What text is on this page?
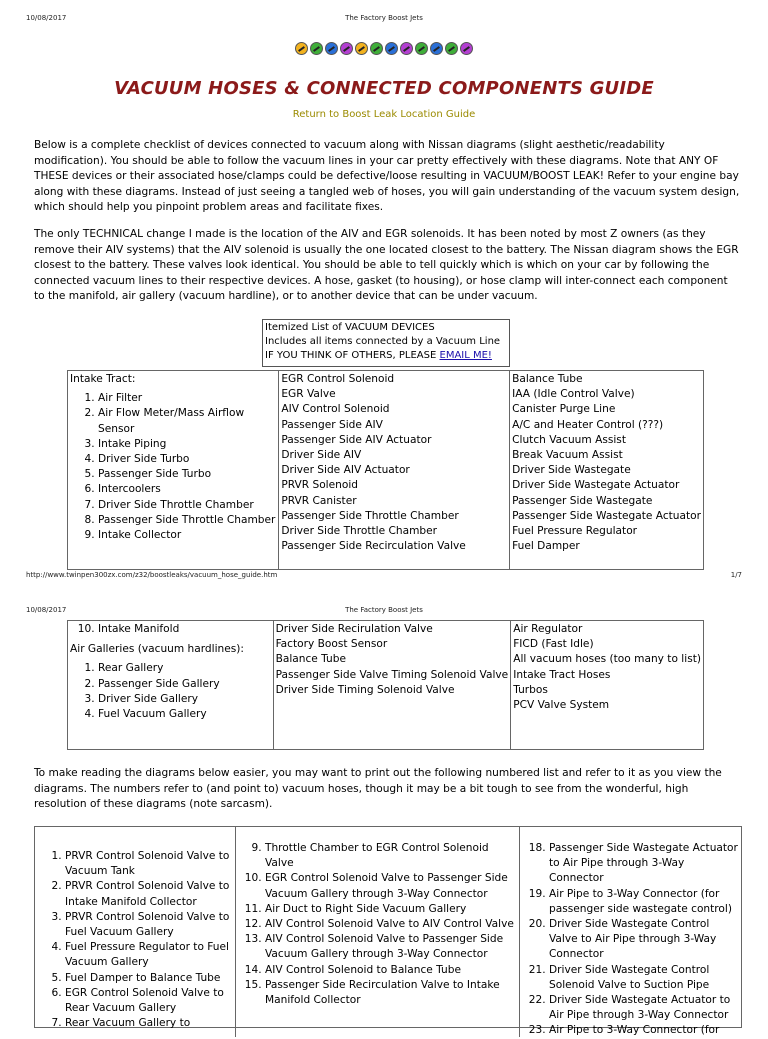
10/08/2017	The Factory Boost Jets
VACUUM HOSES & CONNECTED COMPONENTS GUIDE
Return to Boost Leak Location Guide
Below is a complete checklist of devices connected to vacuum along with Nissan diagrams (slight aesthetic/readability modification). You should be able to follow the vacuum lines in your car pretty effectively with these diagrams. Note that ANY OF THESE devices or their associated hose/clamps could be defective/loose resulting in VACUUM/BOOST LEAK! Refer to your engine bay along with these diagrams. Instead of just seeing a tangled web of hoses, you will gain understanding of the vacuum system design, which should help you pinpoint problem areas and facilitate fixes.
The only TECHNICAL change I made is the location of the AIV and EGR solenoids. It has been noted by most Z owners (as they remove their AIV systems) that the AIV solenoid is usually the one located closest to the battery. The Nissan diagram shows the EGR closest to the battery. These valves look identical. You should be able to tell quickly which is which on your car by following the connected vacuum lines to their respective devices. A hose, gasket (to housing), or hose clamp will inter-connect each component to the manifold, air gallery (vacuum hardline), or to another device that can be under vacuum.
Itemized List of VACUUM DEVICES
Includes all items connected by a Vacuum Line
IF YOU THINK OF OTHERS, PLEASE EMAIL ME!
Intake Tract:
1. Air Filter
2. Air Flow Meter/Mass Airflow Sensor
3. Intake Piping
4. Driver Side Turbo
5. Passenger Side Turbo
6. Intercoolers
7. Driver Side Throttle Chamber
8. Passenger Side Throttle Chamber
9. Intake Collector

EGR Control Solenoid
EGR Valve
AIV Control Solenoid
Passenger Side AIV
Passenger Side AIV Actuator
Driver Side AIV
Driver Side AIV Actuator
PRVR Solenoid
PRVR Canister
Passenger Side Throttle Chamber
Driver Side Throttle Chamber
Passenger Side Recirculation Valve

Balance Tube
IAA (Idle Control Valve)
Canister Purge Line
A/C and Heater Control (???)
Clutch Vacuum Assist
Break Vacuum Assist
Driver Side Wastegate
Driver Side Wastegate Actuator
Passenger Side Wastegate
Passenger Side Wastegate Actuator
Fuel Pressure Regulator
Fuel Damper
http://www.twinpen300zx.com/z32/boostleaks/vacuum_hose_guide.htm	1/7
10/08/2017	The Factory Boost Jets
10. Intake Manifold
Air Galleries (vacuum hardlines):
1. Rear Gallery
2. Passenger Side Gallery
3. Driver Side Gallery
4. Fuel Vacuum Gallery

Driver Side Recirulation Valve
Factory Boost Sensor
Balance Tube
Passenger Side Valve Timing Solenoid Valve
Driver Side Timing Solenoid Valve

Air Regulator
FICD (Fast Idle)
All vacuum hoses (too many to list)
Intake Tract Hoses
Turbos
PCV Valve System
To make reading the diagrams below easier, you may want to print out the following numbered list and refer to it as you view the diagrams. The numbers refer to (and point to) vacuum hoses, though it may be a bit tough to see from the wonderful, high resolution of these diagrams (note sarcasm).
1. PRVR Control Solenoid Valve to Vacuum Tank
2. PRVR Control Solenoid Valve to Intake Manifold Collector
3. PRVR Control Solenoid Valve to Fuel Vacuum Gallery
4. Fuel Pressure Regulator to Fuel Vacuum Gallery
5. Fuel Damper to Balance Tube
6. EGR Control Solenoid Valve to Rear Vacuum Gallery
7. Rear Vacuum Gallery to
9. Throttle Chamber to EGR Control Solenoid Valve
10. EGR Control Solenoid Valve to Passenger Side Vacuum Gallery through 3-Way Connector
11. Air Duct to Right Side Vacuum Gallery
12. AIV Control Solenoid Valve to AIV Control Valve
13. AIV Control Solenoid Valve to Passenger Side Vacuum Gallery through 3-Way Connector
14. AIV Control Solenoid to Balance Tube
15. Passenger Side Recirculation Valve to Intake Manifold Collector
18. Passenger Side Wastegate Actuator to Air Pipe through 3-Way Connector
19. Air Pipe to 3-Way Connector (for passenger side wastegate control)
20. Driver Side Wastegate Control Valve to Air Pipe through 3-Way Connector
21. Driver Side Wastegate Control Solenoid Valve to Suction Pipe
22. Driver Side Wastegate Actuator to Air Pipe through 3-Way Connector
23. Air Pipe to 3-Way Connector (for
